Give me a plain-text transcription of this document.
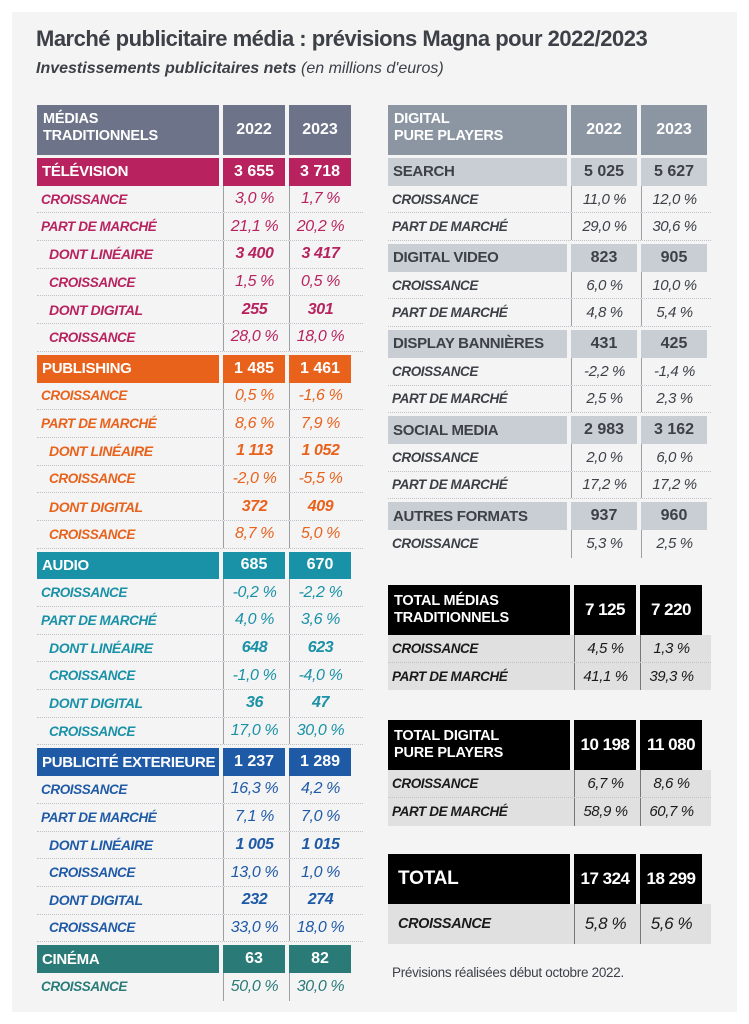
Marché publicitaire média : prévisions Magna pour 2022/2023
Investissements publicitaires nets (en millions d'euros)
MÉDIAS
TRADITIONNELS	2022	2023
TÉLÉVISION	3 655	3 718
CROISSANCE	3,0 %	1,7 %
PART DE MARCHÉ	21,1 %	20,2 %
DONT LINÉAIRE	3 400	3 417
CROISSANCE	1,5 %	0,5 %
DONT DIGITAL	255	301
CROISSANCE	28,0 %	18,0 %
PUBLISHING	1 485	1 461
CROISSANCE	0,5 %	-1,6 %
PART DE MARCHÉ	8,6 %	7,9 %
DONT LINÉAIRE	1 113	1 052
CROISSANCE	-2,0 %	-5,5 %
DONT DIGITAL	372	409
CROISSANCE	8,7 %	5,0 %
AUDIO	685	670
CROISSANCE	-0,2 %	-2,2 %
PART DE MARCHÉ	4,0 %	3,6 %
DONT LINÉAIRE	648	623
CROISSANCE	-1,0 %	-4,0 %
DONT DIGITAL	36	47
CROISSANCE	17,0 %	30,0 %
PUBLICITÉ EXTERIEURE	1 237	1 289
CROISSANCE	16,3 %	4,2 %
PART DE MARCHÉ	7,1 %	7,0 %
DONT LINÉAIRE	1 005	1 015
CROISSANCE	13,0 %	1,0 %
DONT DIGITAL	232	274
CROISSANCE	33,0 %	18,0 %
CINÉMA	63	82
CROISSANCE	50,0 %	30,0 %
DIGITAL
PURE PLAYERS	2022	2023
SEARCH	5 025	5 627
CROISSANCE	11,0 %	12,0 %
PART DE MARCHÉ	29,0 %	30,6 %
DIGITAL VIDEO	823	905
CROISSANCE	6,0 %	10,0 %
PART DE MARCHÉ	4,8 %	5,4 %
DISPLAY BANNIÈRES	431	425
CROISSANCE	-2,2 %	-1,4 %
PART DE MARCHÉ	2,5 %	2,3 %
SOCIAL MEDIA	2 983	3 162
CROISSANCE	2,0 %	6,0 %
PART DE MARCHÉ	17,2 %	17,2 %
AUTRES FORMATS	937	960
CROISSANCE	5,3 %	2,5 %
TOTAL MÉDIAS
TRADITIONNELS	7 125	7 220
CROISSANCE	4,5 %	1,3 %
PART DE MARCHÉ	41,1 %	39,3 %
TOTAL DIGITAL
PURE PLAYERS	10 198	11 080
CROISSANCE	6,7 %	8,6 %
PART DE MARCHÉ	58,9 %	60,7 %
TOTAL	17 324	18 299
CROISSANCE	5,8 %	5,6 %
Prévisions réalisées début octobre 2022.
